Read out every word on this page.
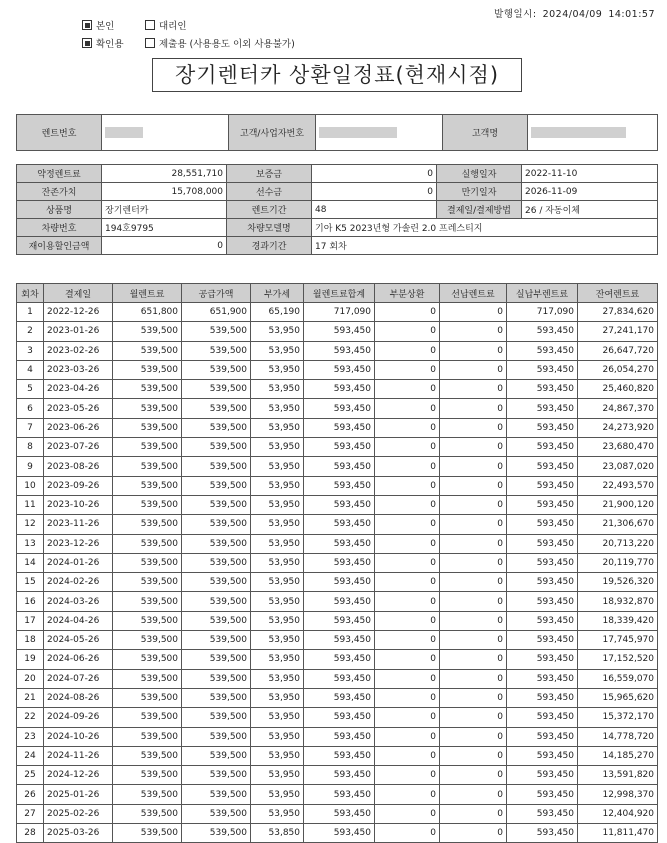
발행일시: 2024/04/09 14:01:57
본인	대리인
확인용	제출용 (사용용도 이외 사용불가)
장기렌터카 상환일정표(현재시점)
렌트번호		고객/사업자번호		고객명	
약정렌트료	28,551,710	보증금	0	실행일자	2022-11-10
잔존가치	15,708,000	선수금	0	만기일자	2026-11-09
상품명	장기렌터카	렌트기간	48	결제일/결제방법	26 / 자동이체
차량번호	194호9795	차량모델명	기아 K5 2023년형 가솔린 2.0 프레스티지		
재이용할인금액	0	경과기간	17 회차		
회차	결제일	월렌트료	공급가액	부가세	월렌트료합계	부분상환	선납렌트료	실납부렌트료	잔여렌트료
1	2022-12-26	651,800	651,900	65,190	717,090	0	0	717,090	27,834,620
2	2023-01-26	539,500	539,500	53,950	593,450	0	0	593,450	27,241,170
3	2023-02-26	539,500	539,500	53,950	593,450	0	0	593,450	26,647,720
4	2023-03-26	539,500	539,500	53,950	593,450	0	0	593,450	26,054,270
5	2023-04-26	539,500	539,500	53,950	593,450	0	0	593,450	25,460,820
6	2023-05-26	539,500	539,500	53,950	593,450	0	0	593,450	24,867,370
7	2023-06-26	539,500	539,500	53,950	593,450	0	0	593,450	24,273,920
8	2023-07-26	539,500	539,500	53,950	593,450	0	0	593,450	23,680,470
9	2023-08-26	539,500	539,500	53,950	593,450	0	0	593,450	23,087,020
10	2023-09-26	539,500	539,500	53,950	593,450	0	0	593,450	22,493,570
11	2023-10-26	539,500	539,500	53,950	593,450	0	0	593,450	21,900,120
12	2023-11-26	539,500	539,500	53,950	593,450	0	0	593,450	21,306,670
13	2023-12-26	539,500	539,500	53,950	593,450	0	0	593,450	20,713,220
14	2024-01-26	539,500	539,500	53,950	593,450	0	0	593,450	20,119,770
15	2024-02-26	539,500	539,500	53,950	593,450	0	0	593,450	19,526,320
16	2024-03-26	539,500	539,500	53,950	593,450	0	0	593,450	18,932,870
17	2024-04-26	539,500	539,500	53,950	593,450	0	0	593,450	18,339,420
18	2024-05-26	539,500	539,500	53,950	593,450	0	0	593,450	17,745,970
19	2024-06-26	539,500	539,500	53,950	593,450	0	0	593,450	17,152,520
20	2024-07-26	539,500	539,500	53,950	593,450	0	0	593,450	16,559,070
21	2024-08-26	539,500	539,500	53,950	593,450	0	0	593,450	15,965,620
22	2024-09-26	539,500	539,500	53,950	593,450	0	0	593,450	15,372,170
23	2024-10-26	539,500	539,500	53,950	593,450	0	0	593,450	14,778,720
24	2024-11-26	539,500	539,500	53,950	593,450	0	0	593,450	14,185,270
25	2024-12-26	539,500	539,500	53,950	593,450	0	0	593,450	13,591,820
26	2025-01-26	539,500	539,500	53,950	593,450	0	0	593,450	12,998,370
27	2025-02-26	539,500	539,500	53,950	593,450	0	0	593,450	12,404,920
28	2025-03-26	539,500	539,500	53,850	593,450	0	0	593,450	11,811,470
